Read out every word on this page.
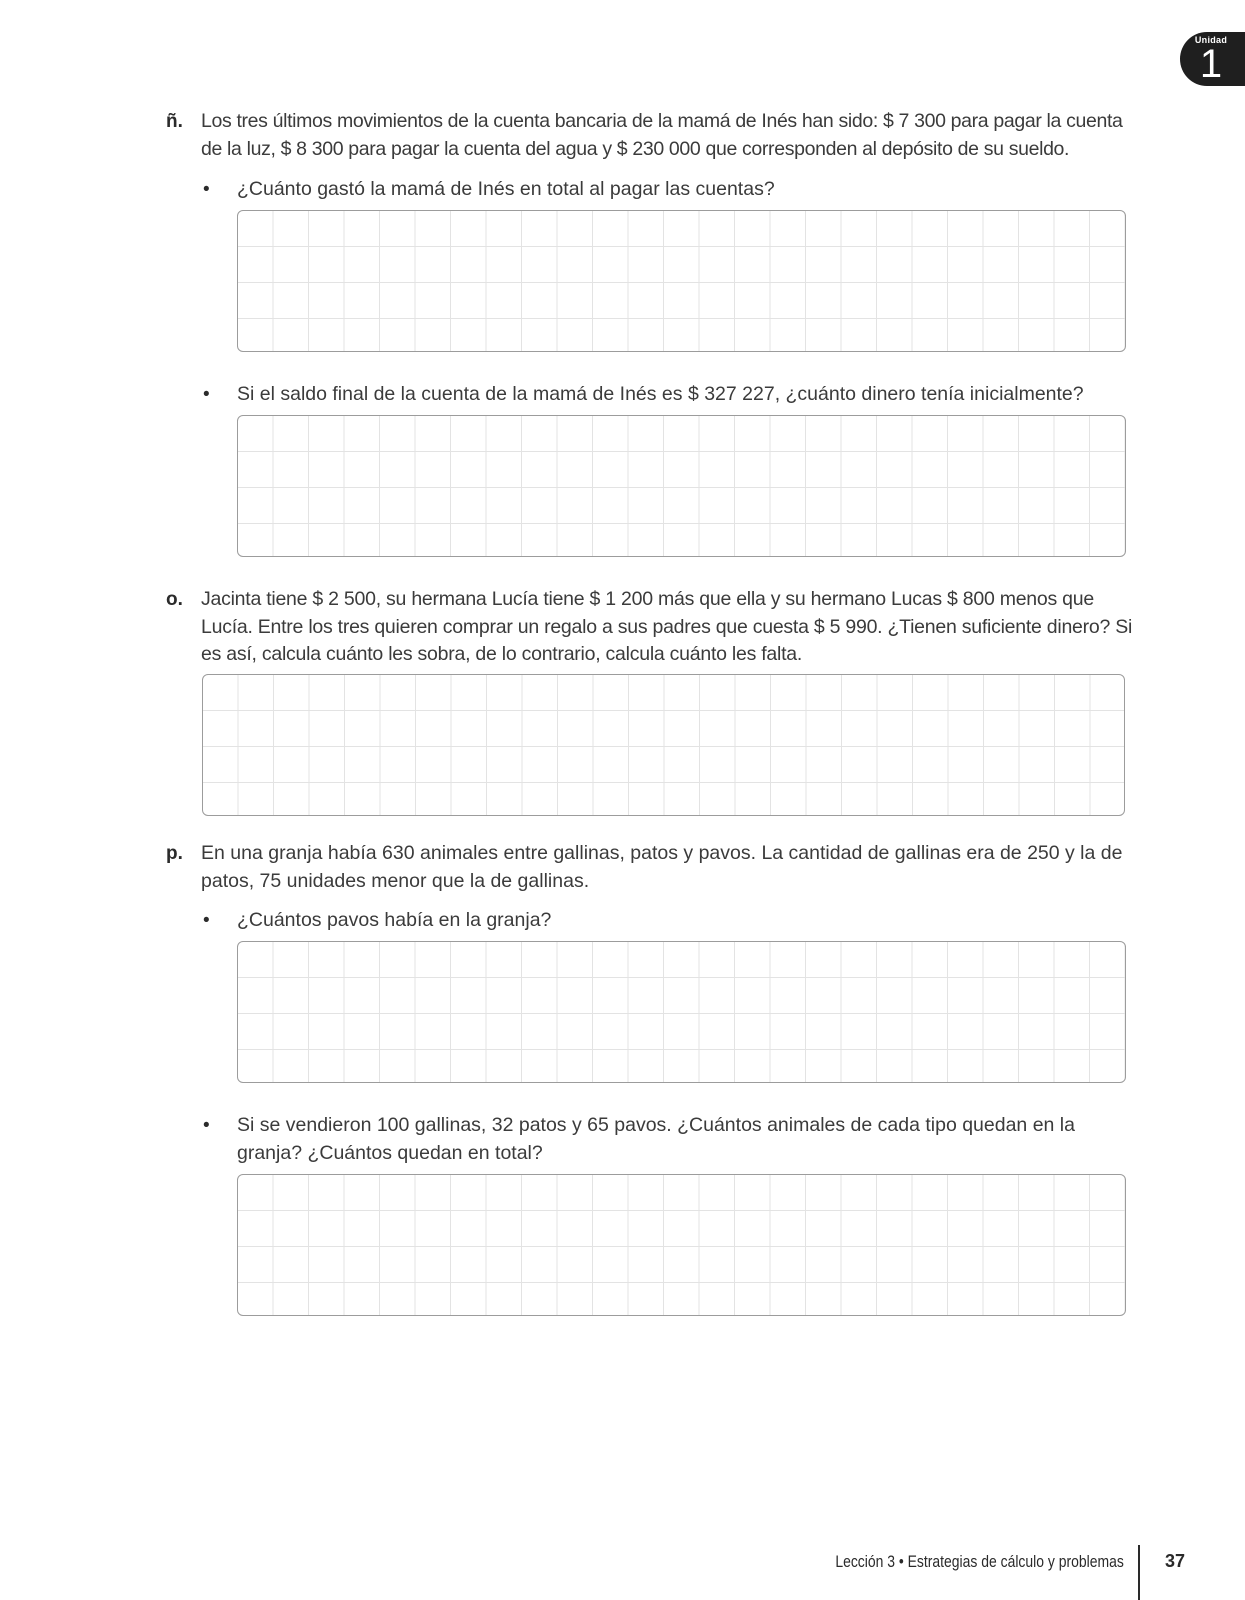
Unidad
1
ñ. Los tres últimos movimientos de la cuenta bancaria de la mamá de Inés han sido: $ 7 300 para pagar la cuenta de la luz, $ 8 300 para pagar la cuenta del agua y $ 230 000 que corresponden al depósito de su sueldo.
• ¿Cuánto gastó la mamá de Inés en total al pagar las cuentas?
• Si el saldo final de la cuenta de la mamá de Inés es $ 327 227, ¿cuánto dinero tenía inicialmente?
o. Jacinta tiene $ 2 500, su hermana Lucía tiene $ 1 200 más que ella y su hermano Lucas $ 800 menos que Lucía. Entre los tres quieren comprar un regalo a sus padres que cuesta $ 5 990. ¿Tienen suficiente dinero? Si es así, calcula cuánto les sobra, de lo contrario, calcula cuánto les falta.
p. En una granja había 630 animales entre gallinas, patos y pavos. La cantidad de gallinas era de 250 y la de patos, 75 unidades menor que la de gallinas.
• ¿Cuántos pavos había en la granja?
• Si se vendieron 100 gallinas, 32 patos y 65 pavos. ¿Cuántos animales de cada tipo quedan en la granja? ¿Cuántos quedan en total?
Lección 3 • Estrategias de cálculo y problemas 37
